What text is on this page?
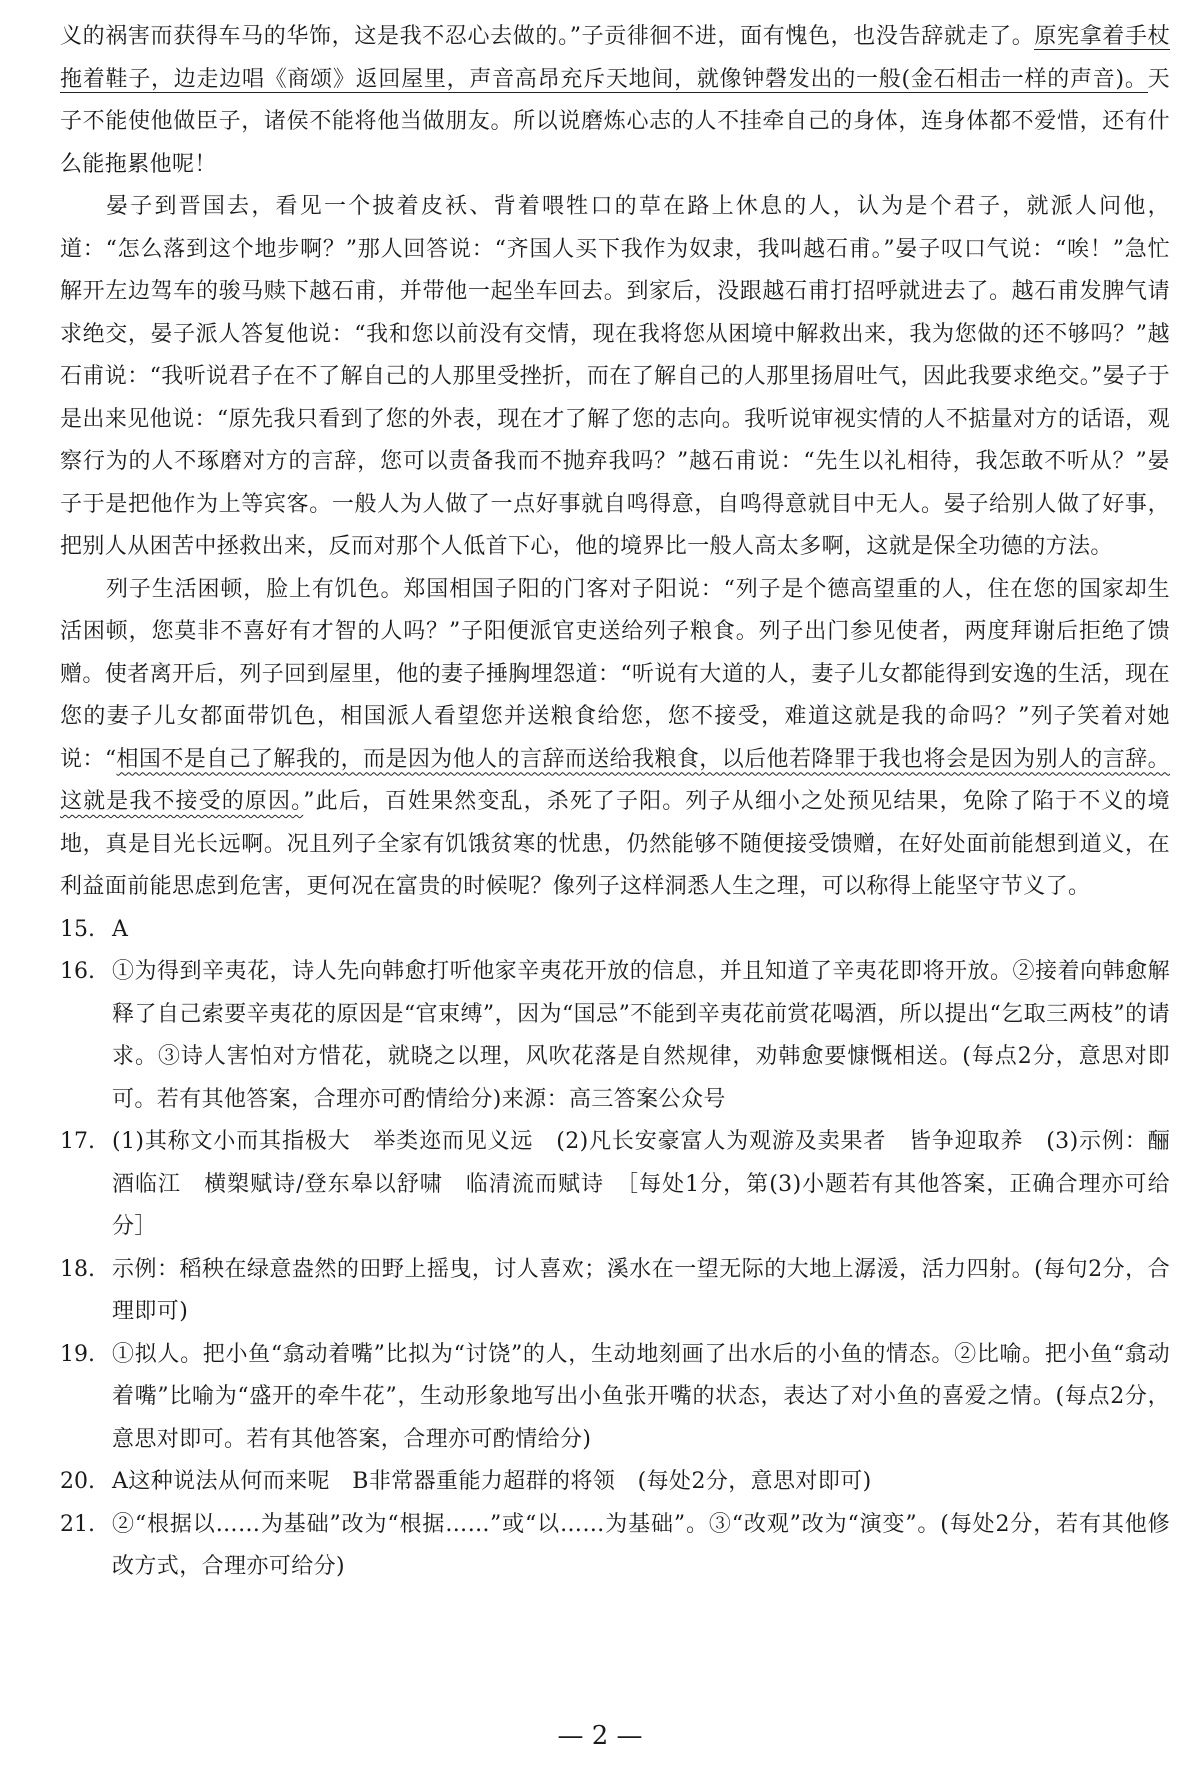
义的祸害而获得车马的华饰，这是我不忍心去做的。”子贡徘徊不进，面有愧色，也没告辞就走了。原宪拿着手杖拖着鞋子，边走边唱《商颂》返回屋里，声音高昂充斥天地间，就像钟磬发出的一般(金石相击一样的声音)。天子不能使他做臣子，诸侯不能将他当做朋友。所以说磨炼心志的人不挂牵自己的身体，连身体都不爱惜，还有什么能拖累他呢！

晏子到晋国去，看见一个披着皮袄、背着喂牲口的草在路上休息的人，认为是个君子，就派人问他，道：“怎么落到这个地步啊？”那人回答说：“齐国人买下我作为奴隶，我叫越石甫。”晏子叹口气说：“唉！”急忙解开左边驾车的骏马赎下越石甫，并带他一起坐车回去。到家后，没跟越石甫打招呼就进去了。越石甫发脾气请求绝交，晏子派人答复他说：“我和您以前没有交情，现在我将您从困境中解救出来，我为您做的还不够吗？”越石甫说：“我听说君子在不了解自己的人那里受挫折，而在了解自己的人那里扬眉吐气，因此我要求绝交。”晏子于是出来见他说：“原先我只看到了您的外表，现在才了解了您的志向。我听说审视实情的人不掂量对方的话语，观察行为的人不琢磨对方的言辞，您可以责备我而不抛弃我吗？”越石甫说：“先生以礼相待，我怎敢不听从？”晏子于是把他作为上等宾客。一般人为人做了一点好事就自鸣得意，自鸣得意就目中无人。晏子给别人做了好事，把别人从困苦中拯救出来，反而对那个人低首下心，他的境界比一般人高太多啊，这就是保全功德的方法。

列子生活困顿，脸上有饥色。郑国相国子阳的门客对子阳说：“列子是个德高望重的人，住在您的国家却生活困顿，您莫非不喜好有才智的人吗？”子阳便派官吏送给列子粮食。列子出门参见使者，两度拜谢后拒绝了馈赠。使者离开后，列子回到屋里，他的妻子捶胸埋怨道：“听说有大道的人，妻子儿女都能得到安逸的生活，现在您的妻子儿女都面带饥色，相国派人看望您并送粮食给您，您不接受，难道这就是我的命吗？”列子笑着对她说：“相国不是自己了解我的，而是因为他人的言辞而送给我粮食，以后他若降罪于我也将会是因为别人的言辞。这就是我不接受的原因。”此后，百姓果然变乱，杀死了子阳。列子从细小之处预见结果，免除了陷于不义的境地，真是目光长远啊。况且列子全家有饥饿贫寒的忧患，仍然能够不随便接受馈赠，在好处面前能想到道义，在利益面前能思虑到危害，更何况在富贵的时候呢？像列子这样洞悉人生之理，可以称得上能坚守节义了。

15. A
16. ①为得到辛夷花，诗人先向韩愈打听他家辛夷花开放的信息，并且知道了辛夷花即将开放。②接着向韩愈解释了自己索要辛夷花的原因是“官束缚”，因为“国忌”不能到辛夷花前赏花喝酒，所以提出“乞取三两枝”的请求。③诗人害怕对方惜花，就晓之以理，风吹花落是自然规律，劝韩愈要慷慨相送。(每点2分，意思对即可。若有其他答案，合理亦可酌情给分)来源：高三答案公众号
17. (1)其称文小而其指极大　举类迩而见义远　(2)凡长安豪富人为观游及卖果者　皆争迎取养　(3)示例：酾酒临江　横槊赋诗/登东皋以舒啸　临清流而赋诗　［每处1分，第(3)小题若有其他答案，正确合理亦可给分］
18. 示例：稻秧在绿意盎然的田野上摇曳，讨人喜欢；溪水在一望无际的大地上潺湲，活力四射。(每句2分，合理即可)
19. ①拟人。把小鱼“翕动着嘴”比拟为“讨饶”的人，生动地刻画了出水后的小鱼的情态。②比喻。把小鱼“翕动着嘴”比喻为“盛开的牵牛花”，生动形象地写出小鱼张开嘴的状态，表达了对小鱼的喜爱之情。(每点2分，意思对即可。若有其他答案，合理亦可酌情给分)
20. A这种说法从何而来呢　B非常器重能力超群的将领　(每处2分，意思对即可)
21. ②“根据以……为基础”改为“根据……”或“以……为基础”。③“改观”改为“演变”。(每处2分，若有其他修改方式，合理亦可给分)
— 2 —
